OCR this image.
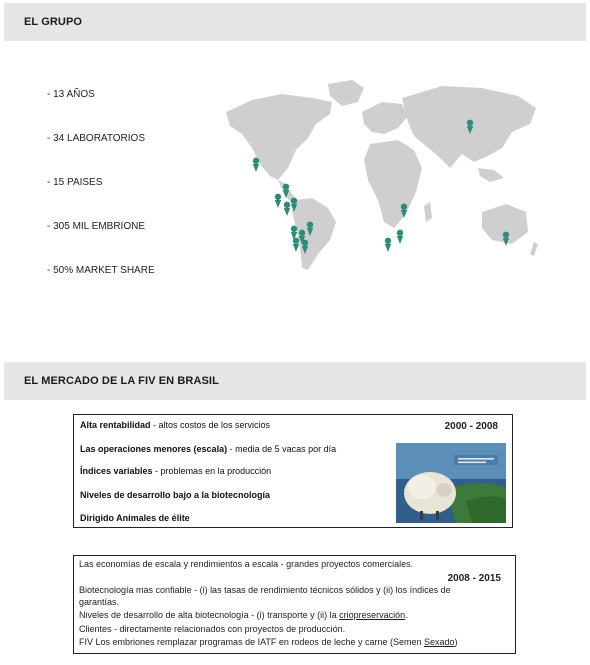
EL GRUPO
- 13 AÑOS
- 34 LABORATORIOS
- 15 PAISES
- 305 MIL EMBRIONE
- 50% MARKET SHARE
EL MERCADO DE LA FIV EN BRASIL
2000 - 2008
Alta rentabilidad - altos costos de los servicios
Las operaciones menores (escala) - media de 5 vacas por día
Índices variables - problemas en la producción
Niveles de desarrollo bajo a la biotecnología
Dirigido Animales de élite
2008 - 2015
Las economías de escala y rendimientos a escala - grandes proyectos comerciales.
Biotecnología mas confiable - (i) las tasas de rendimiento técnicos sólidos y (ii) los índices de
garantías.
Niveles de desarrollo de alta biotecnología - (i) transporte y (ii) la criopreservación.
Clientes - directamente relacionados con proyectos de producción.
FIV Los embriones remplazar programas de IATF en rodeos de leche y carne (Semen Sexado)
